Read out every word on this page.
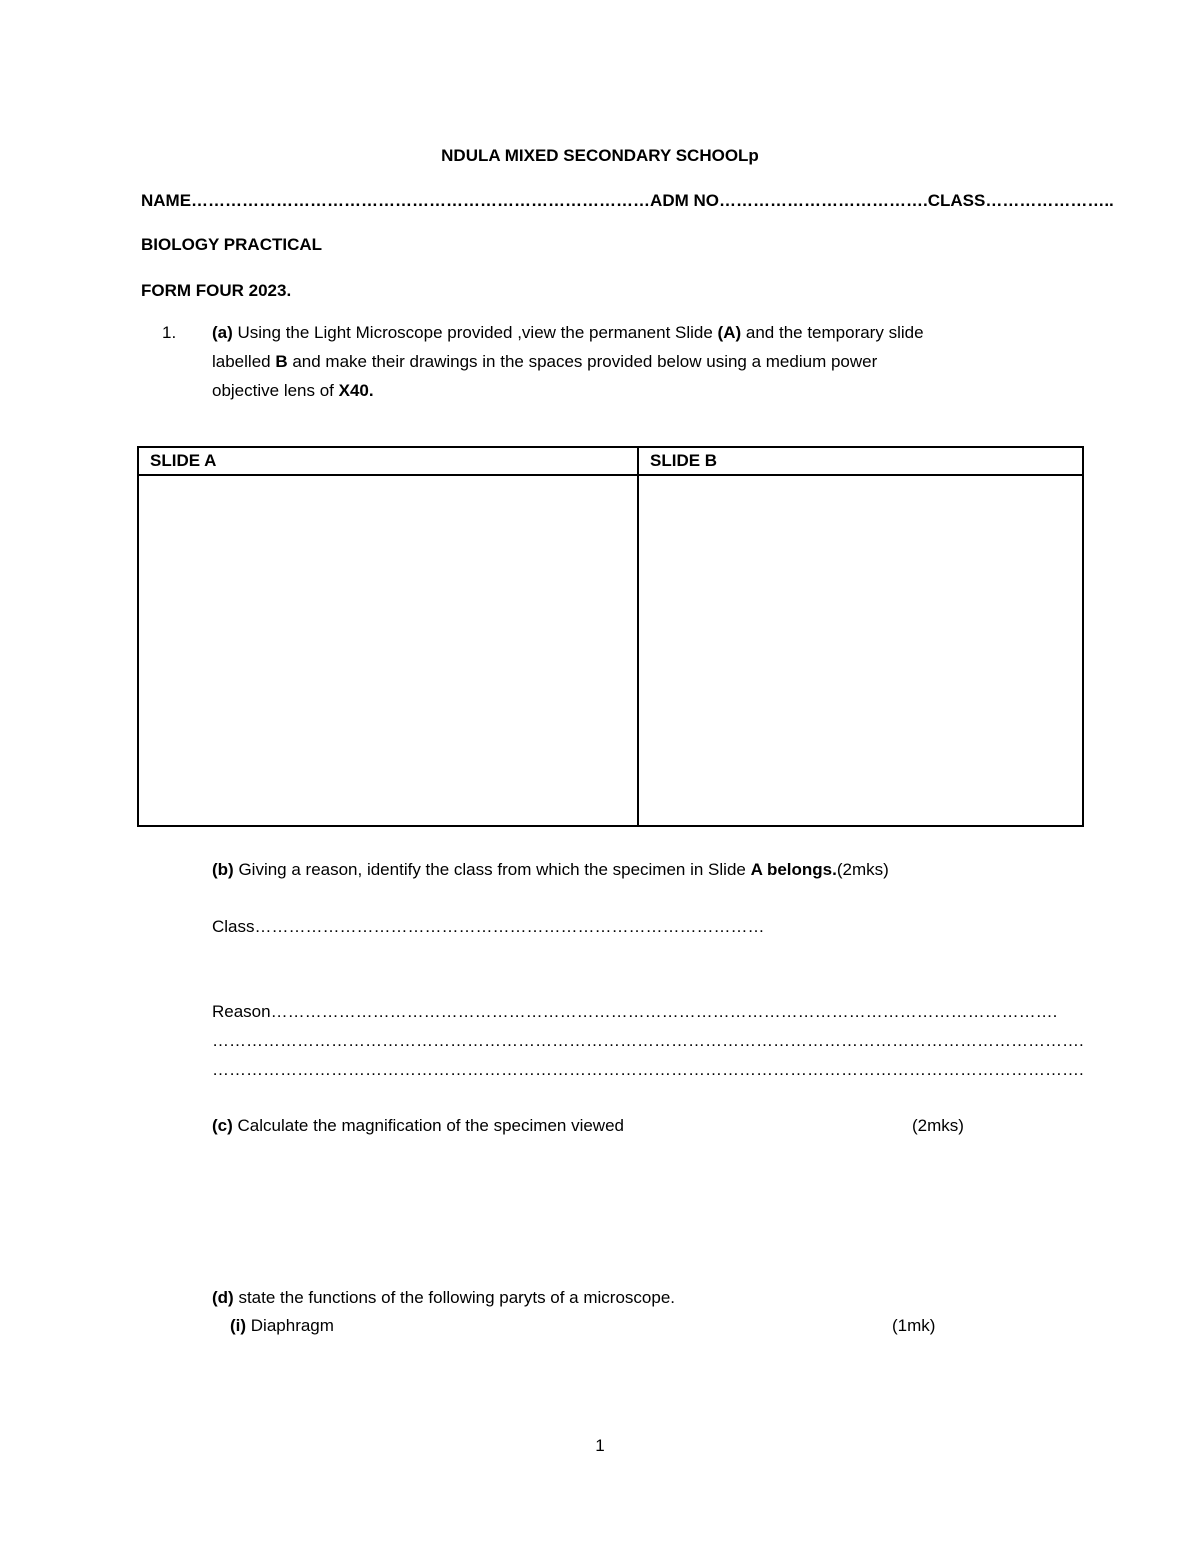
NDULA MIXED SECONDARY SCHOOLp
NAME………………………………………………………………………ADM NO……………………………….CLASS…………………..
BIOLOGY PRACTICAL
FORM FOUR 2023.
1. (a) Using the Light Microscope provided ,view the permanent Slide (A) and the temporary slide
labelled B and make their drawings in the spaces provided below using a medium power
objective lens of X40.
SLIDE A	SLIDE B

(b) Giving a reason, identify the class from which the specimen in Slide A belongs.(2mks)
Class………………………………………………………………………………
Reason………………………………………………………………………………………………………………………….
……………………………………………………………………………………………………………………………………….
……………………………………………………………………………………………………………………………………….
(c) Calculate the magnification of the specimen viewed	(2mks)
(d) state the functions of the following paryts of a microscope.
(i) Diaphragm	(1mk)
1
